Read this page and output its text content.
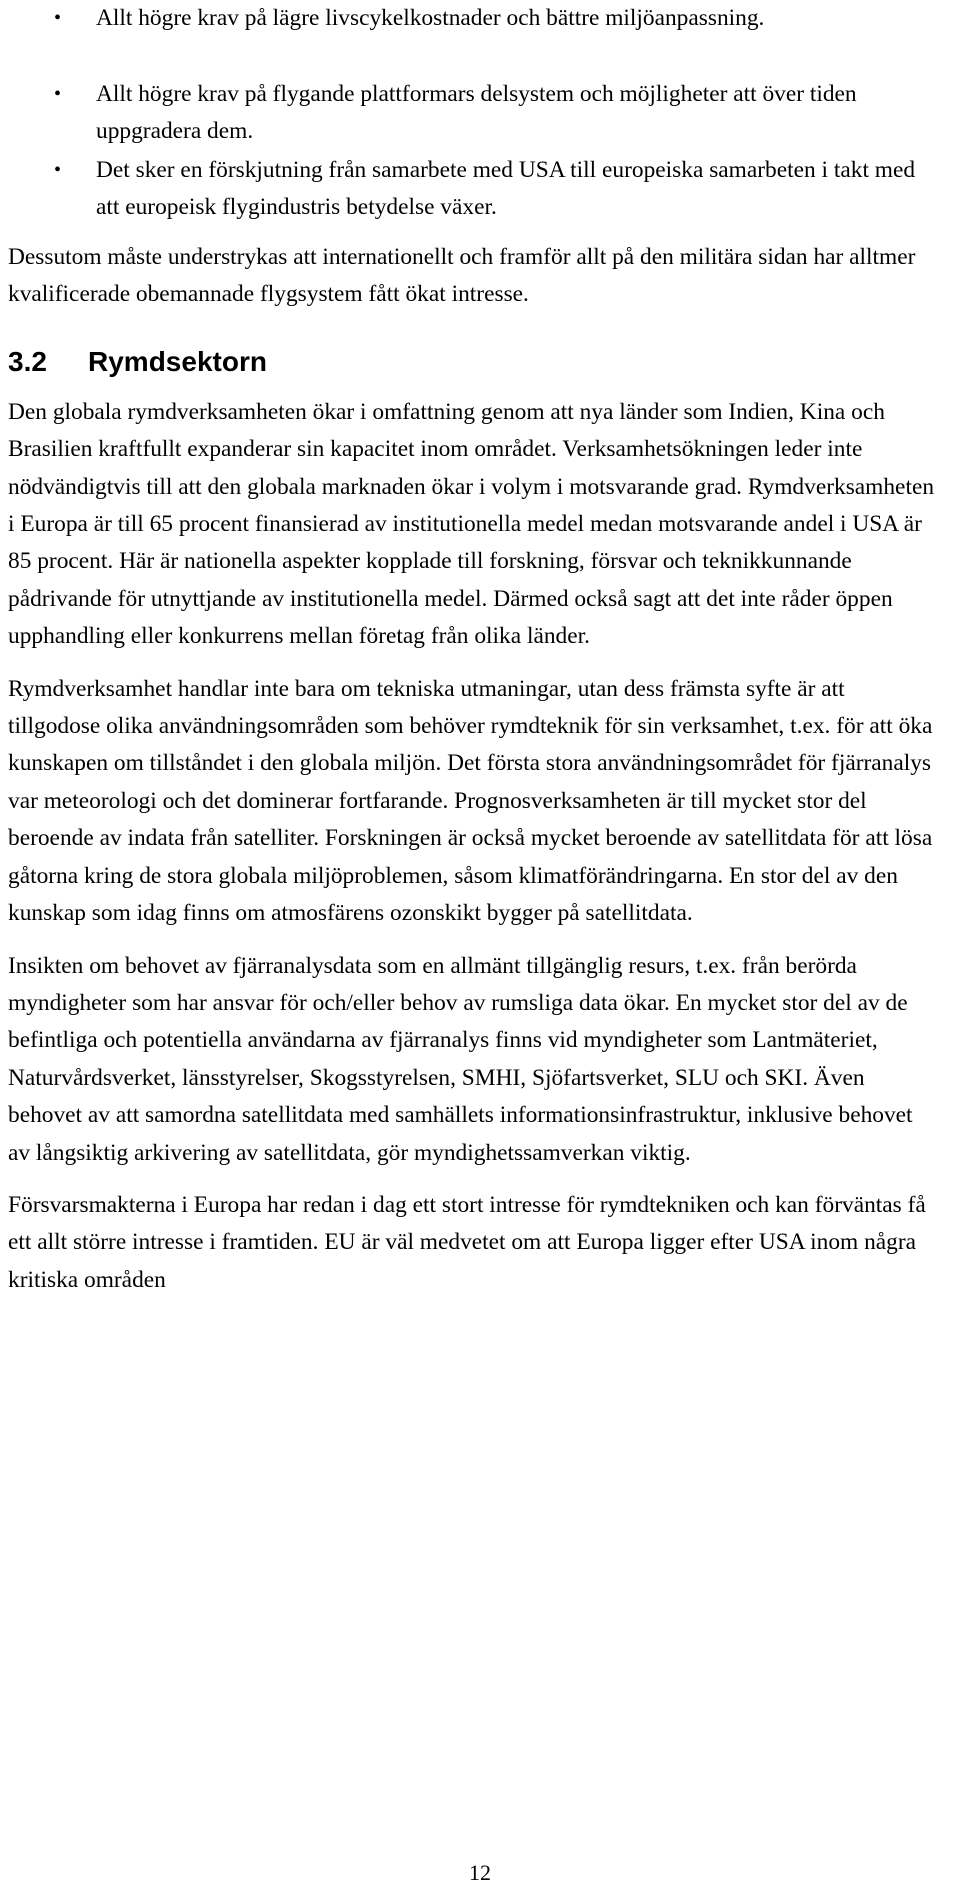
• Allt högre krav på lägre livscykelkostnader och bättre miljöanpassning.
• Allt högre krav på flygande plattformars delsystem och möjligheter att över tiden uppgradera dem.
• Det sker en förskjutning från samarbete med USA till europeiska samarbeten i takt med att europeisk flygindustris betydelse växer.

Dessutom måste understrykas att internationellt och framför allt på den militära sidan har alltmer kvalificerade obemannade flygsystem fått ökat intresse.

3.2 Rymdsektorn

Den globala rymdverksamheten ökar i omfattning genom att nya länder som Indien, Kina och Brasilien kraftfullt expanderar sin kapacitet inom området. Verksamhetsökningen leder inte nödvändigtvis till att den globala marknaden ökar i volym i motsvarande grad. Rymdverksamheten i Europa är till 65 procent finansierad av institutionella medel medan motsvarande andel i USA är 85 procent. Här är nationella aspekter kopplade till forskning, försvar och teknikkunnande pådrivande för utnyttjande av institutionella medel. Därmed också sagt att det inte råder öppen upphandling eller konkurrens mellan företag från olika länder.

Rymdverksamhet handlar inte bara om tekniska utmaningar, utan dess främsta syfte är att tillgodose olika användningsområden som behöver rymdteknik för sin verksamhet, t.ex. för att öka kunskapen om tillståndet i den globala miljön. Det första stora användningsområdet för fjärranalys var meteorologi och det dominerar fortfarande. Prognosverksamheten är till mycket stor del beroende av indata från satelliter. Forskningen är också mycket beroende av satellitdata för att lösa gåtorna kring de stora globala miljöproblemen, såsom klimatförändringarna. En stor del av den kunskap som idag finns om atmosfärens ozonskikt bygger på satellitdata.

Insikten om behovet av fjärranalysdata som en allmänt tillgänglig resurs, t.ex. från berörda myndigheter som har ansvar för och/eller behov av rumsliga data ökar. En mycket stor del av de befintliga och potentiella användarna av fjärranalys finns vid myndigheter som Lantmäteriet, Naturvårdsverket, länsstyrelser, Skogsstyrelsen, SMHI, Sjöfartsverket, SLU och SKI. Även behovet av att samordna satellitdata med samhällets informationsinfrastruktur, inklusive behovet av långsiktig arkivering av satellitdata, gör myndighetssamverkan viktig.

Försvarsmakterna i Europa har redan i dag ett stort intresse för rymdtekniken och kan förväntas få ett allt större intresse i framtiden. EU är väl medvetet om att Europa ligger efter USA inom några kritiska områden

12
